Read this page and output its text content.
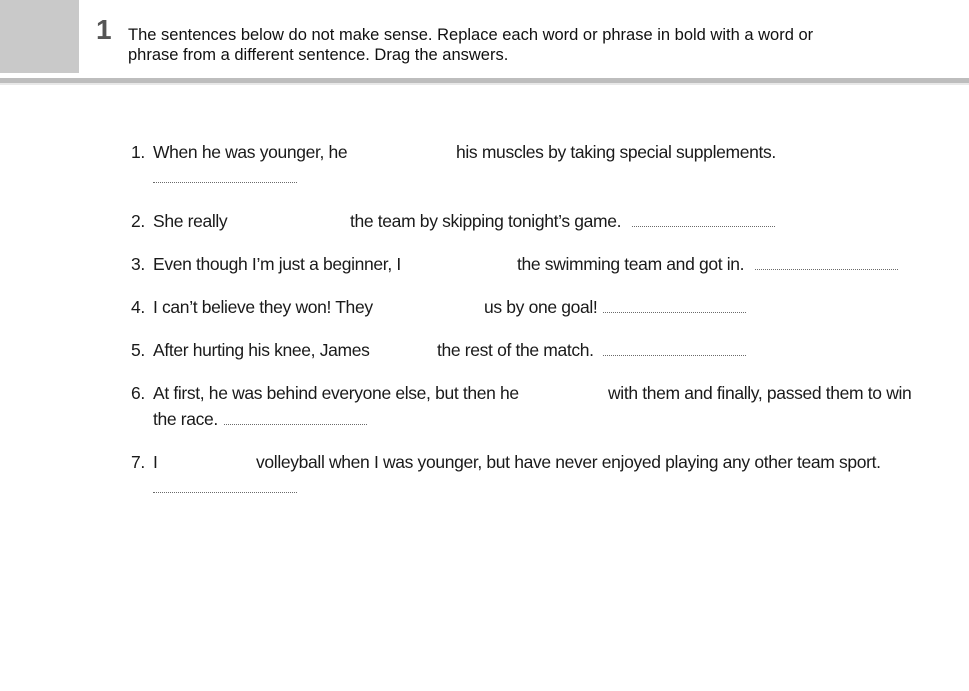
1 The sentences below do not make sense. Replace each word or phrase in bold with a word or
phrase from a different sentence. Drag the answers.
1. When he was younger, he	his muscles by taking special supplements.
2. She really	the team by skipping tonight’s game.
3. Even though I’m just a beginner, I	the swimming team and got in.
4. I can’t believe they won! They	us by one goal!
5. After hurting his knee, James	the rest of the match.
6. At first, he was behind everyone else, but then he	with them and finally, passed them to win
the race.
7. I	volleyball when I was younger, but have never enjoyed playing any other team sport.
